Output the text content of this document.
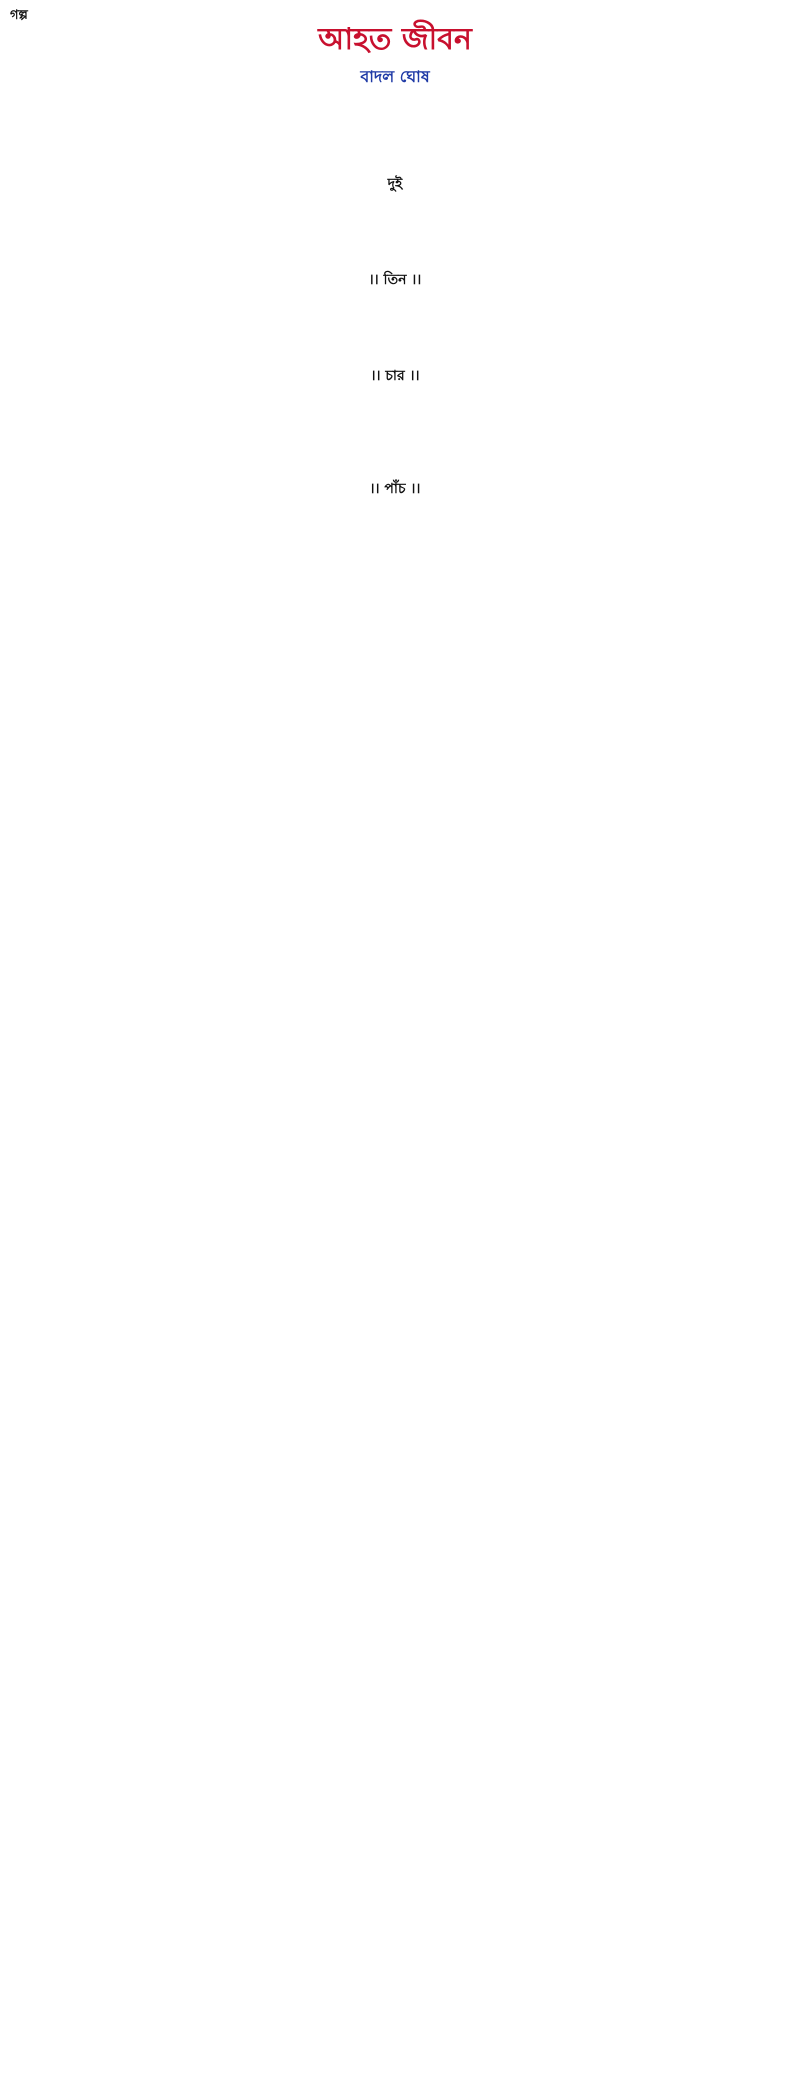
গল্প
আহত জীবন
বাদল ঘোষ

দুই

।। তিন ।।

।। চার ।।

।। পাঁচ ।।
